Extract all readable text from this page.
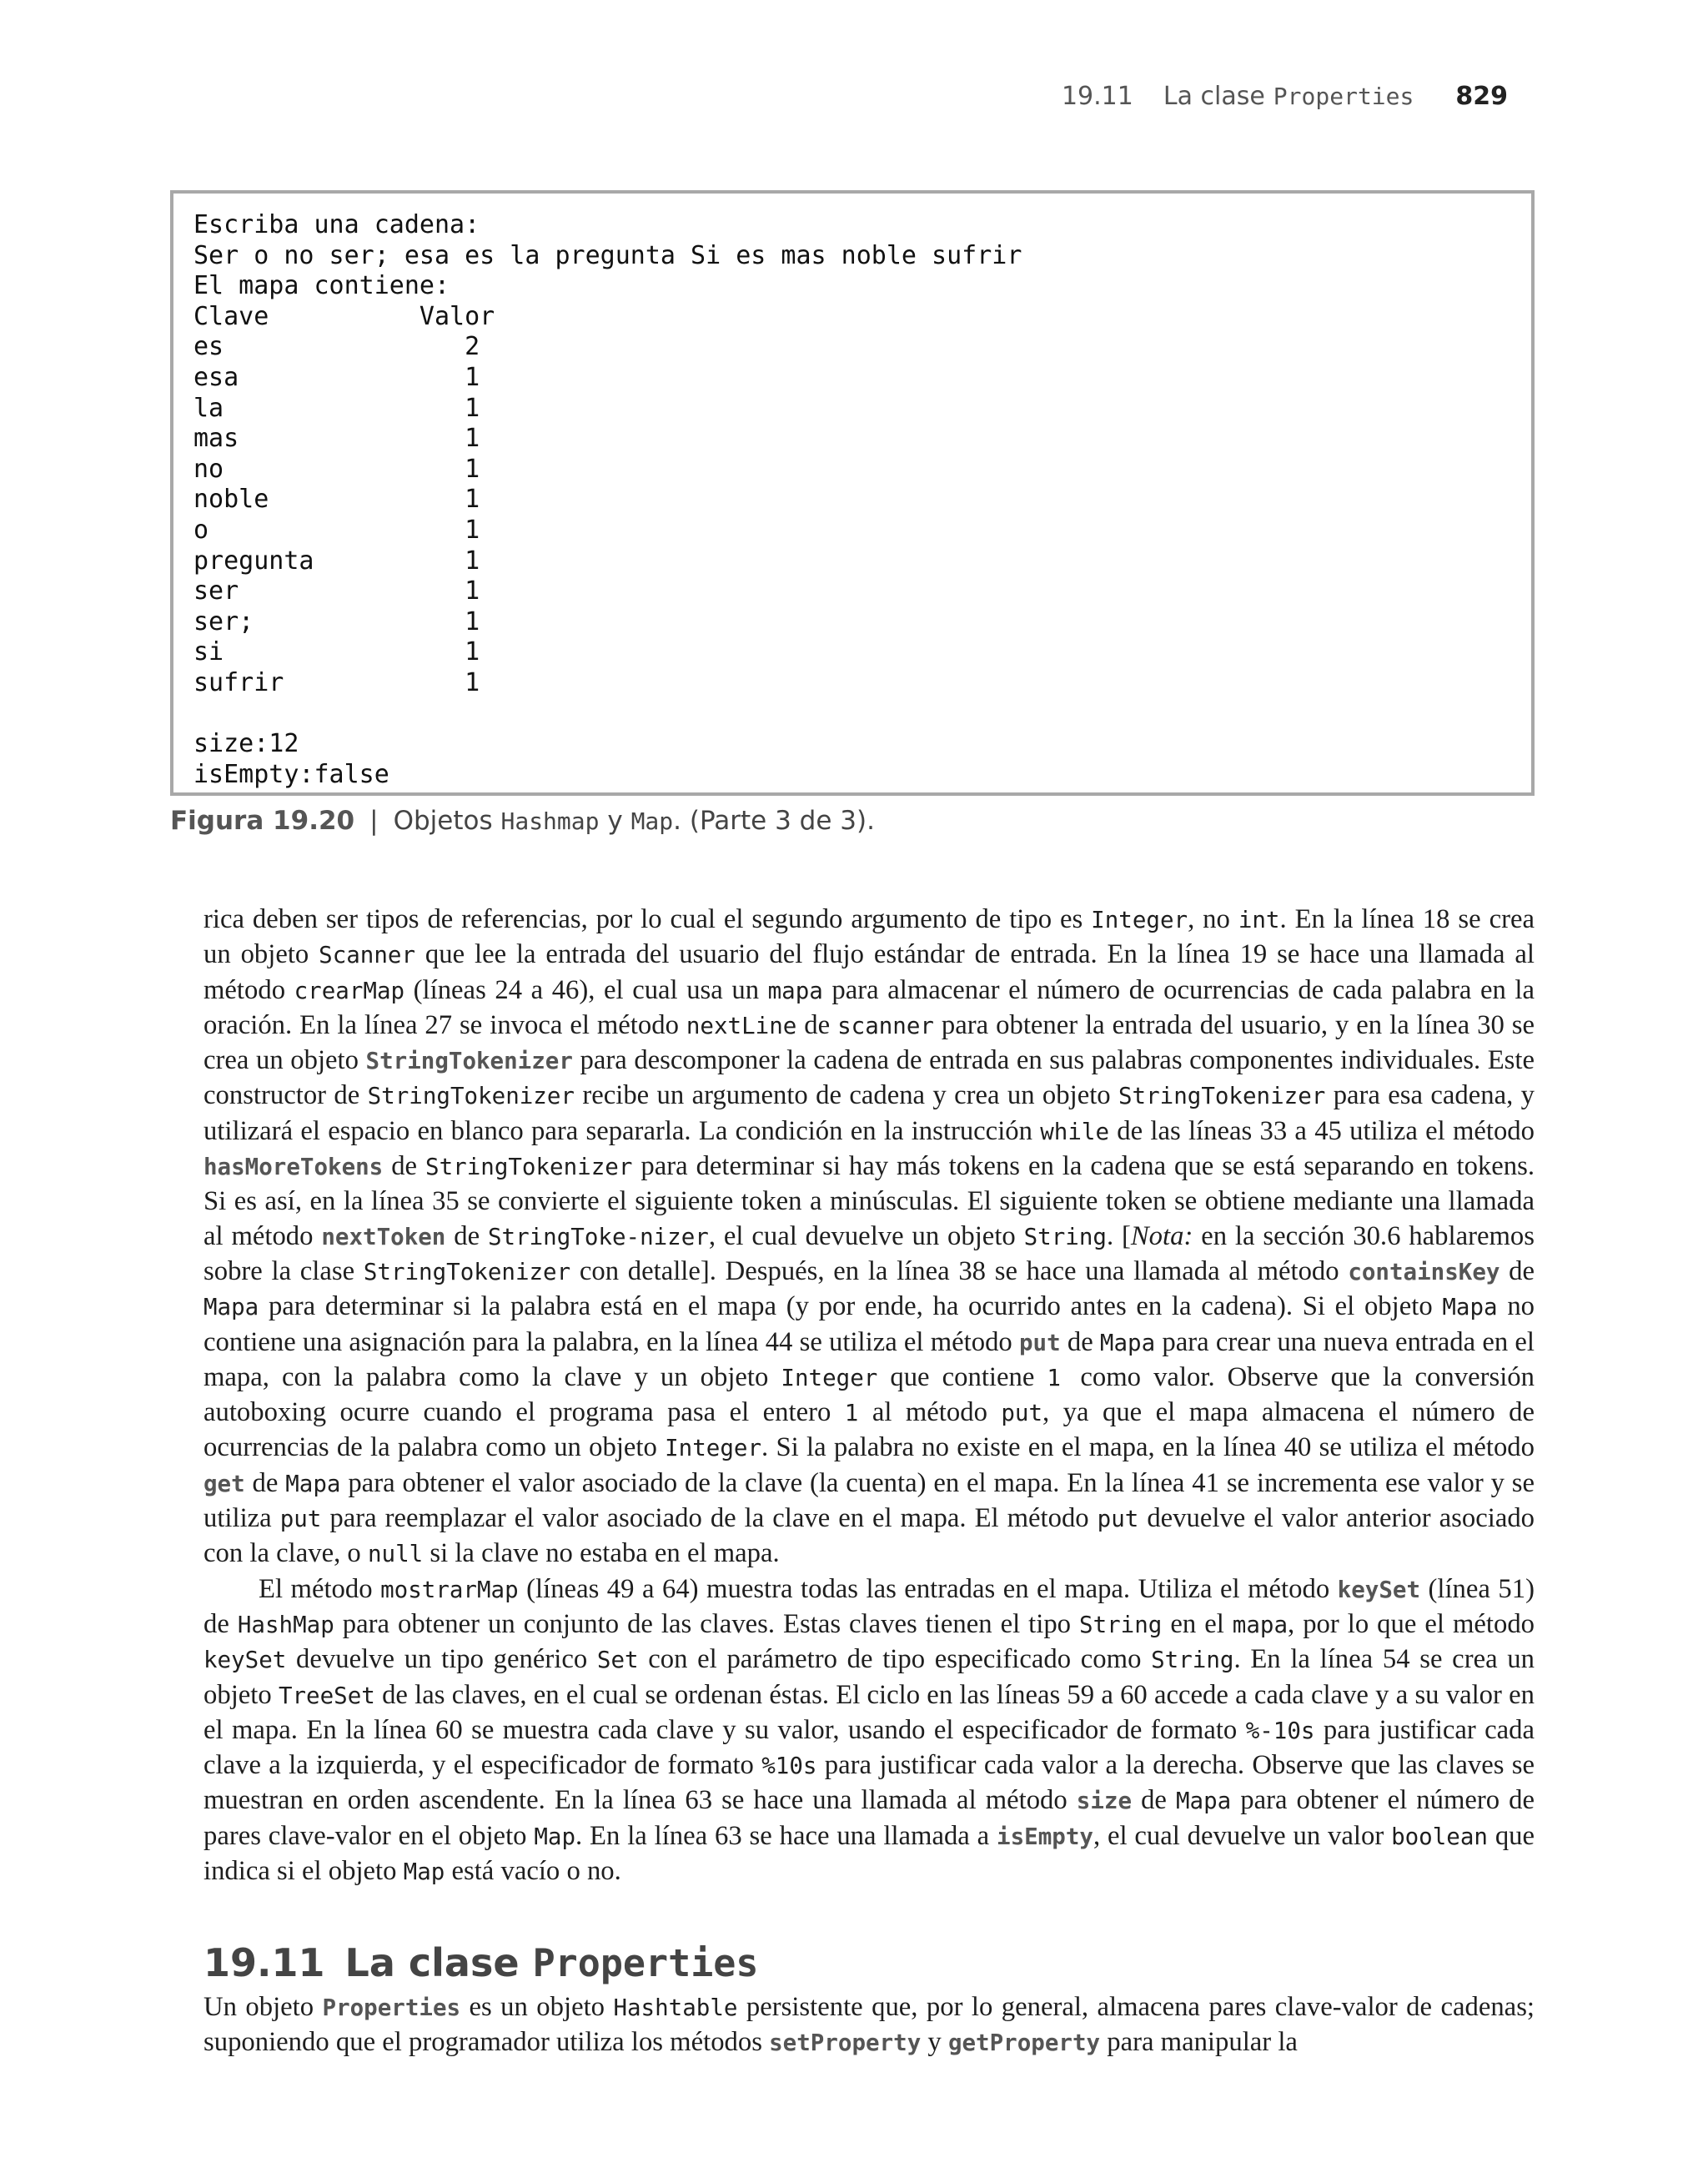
19.11 La clase Properties 829
Escriba una cadena:
Ser o no ser; esa es la pregunta Si es mas noble sufrir
El mapa contiene:
Clave          Valor
es                2
esa               1
la                1
mas               1
no                1
noble             1
o                 1
pregunta          1
ser               1
ser;              1
si                1
sufrir            1

size:12
isEmpty:false
Figura 19.20 | Objetos Hashmap y Map. (Parte 3 de 3).

rica deben ser tipos de referencias, por lo cual el segundo argumento de tipo es Integer, no int. En la línea 18 se crea un objeto Scanner que lee la entrada del usuario del flujo estándar de entrada. En la línea 19 se hace una llamada al método crearMap (líneas 24 a 46), el cual usa un mapa para almacenar el número de ocurrencias de cada palabra en la oración. En la línea 27 se invoca el método nextLine de scanner para obtener la entrada del usuario, y en la línea 30 se crea un objeto StringTokenizer para descomponer la cadena de entrada en sus palabras componentes individuales. Este constructor de StringTokenizer recibe un argumento de cadena y crea un objeto StringTokenizer para esa cadena, y utilizará el espacio en blanco para separarla. La condición en la instrucción while de las líneas 33 a 45 utiliza el método hasMoreTokens de StringTokenizer para determinar si hay más tokens en la cadena que se está separando en tokens. Si es así, en la línea 35 se convierte el siguiente token a minúsculas. El siguiente token se obtiene mediante una llamada al método nextToken de StringToke-nizer, el cual devuelve un objeto String. [Nota: en la sección 30.6 hablaremos sobre la clase StringTokenizer con detalle]. Después, en la línea 38 se hace una llamada al método containsKey de Mapa para determinar si la palabra está en el mapa (y por ende, ha ocurrido antes en la cadena). Si el objeto Mapa no contiene una asignación para la palabra, en la línea 44 se utiliza el método put de Mapa para crear una nueva entrada en el mapa, con la palabra como la clave y un objeto Integer que contiene 1 como valor. Observe que la conversión autoboxing ocurre cuando el programa pasa el entero 1 al método put, ya que el mapa almacena el número de ocurrencias de la palabra como un objeto Integer. Si la palabra no existe en el mapa, en la línea 40 se utiliza el método get de Mapa para obtener el valor asociado de la clave (la cuenta) en el mapa. En la línea 41 se incrementa ese valor y se utiliza put para reemplazar el valor asociado de la clave en el mapa. El método put devuelve el valor anterior asociado con la clave, o null si la clave no estaba en el mapa.

El método mostrarMap (líneas 49 a 64) muestra todas las entradas en el mapa. Utiliza el método keySet (línea 51) de HashMap para obtener un conjunto de las claves. Estas claves tienen el tipo String en el mapa, por lo que el método keySet devuelve un tipo genérico Set con el parámetro de tipo especificado como String. En la línea 54 se crea un objeto TreeSet de las claves, en el cual se ordenan éstas. El ciclo en las líneas 59 a 60 accede a cada clave y a su valor en el mapa. En la línea 60 se muestra cada clave y su valor, usando el especificador de formato %-10s para justificar cada clave a la izquierda, y el especificador de formato %10s para justificar cada valor a la derecha. Observe que las claves se muestran en orden ascendente. En la línea 63 se hace una llamada al método size de Mapa para obtener el número de pares clave-valor en el objeto Map. En la línea 63 se hace una llamada a isEmpty, el cual devuelve un valor boolean que indica si el objeto Map está vacío o no.

19.11 La clase Properties

Un objeto Properties es un objeto Hashtable persistente que, por lo general, almacena pares clave-valor de cadenas; suponiendo que el programador utiliza los métodos setProperty y getProperty para manipular la
